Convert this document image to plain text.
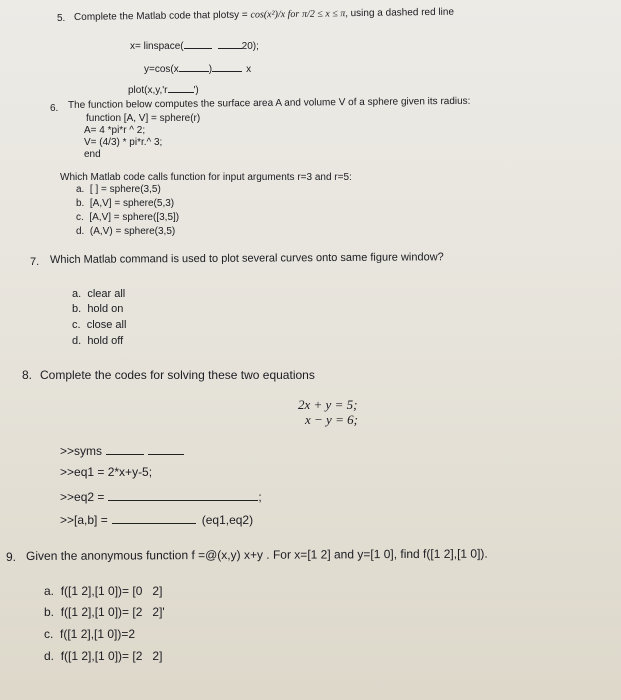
5. Complete the Matlab code that plotsy = cos(x²)/x for π/2 ≤ x ≤ π, using a dashed red line
x= linspace(	20);
y=cos(x	)	x
plot(x,y,'r	')
6. The function below computes the surface area A and volume V of a sphere given its radius:
function [A, V] = sphere(r)
A= 4 *pi*r ^ 2;
V= (4/3) * pi*r.^ 3;
end
Which Matlab code calls function for input arguments r=3 and r=5:
a. [ ] = sphere(3,5)
b. [A,V] = sphere(5,3)
c. [A,V] = sphere([3,5])
d. (A,V) = sphere(3,5)
7. Which Matlab command is used to plot several curves onto same figure window?
a. clear all
b. hold on
c. close all
d. hold off
8. Complete the codes for solving these two equations
2x + y = 5;
x − y = 6;
>>syms
>>eq1 = 2*x+y-5;
>>eq2 =	;
>>[a,b] =	(eq1,eq2)
9. Given the anonymous function f =@(x,y) x+y . For x=[1 2] and y=[1 0], find f([1 2],[1 0]).
a. f([1 2],[1 0])= [0   2]
b. f([1 2],[1 0])= [2   2]'
c. f([1 2],[1 0])=2
d. f([1 2],[1 0])= [2   2]
